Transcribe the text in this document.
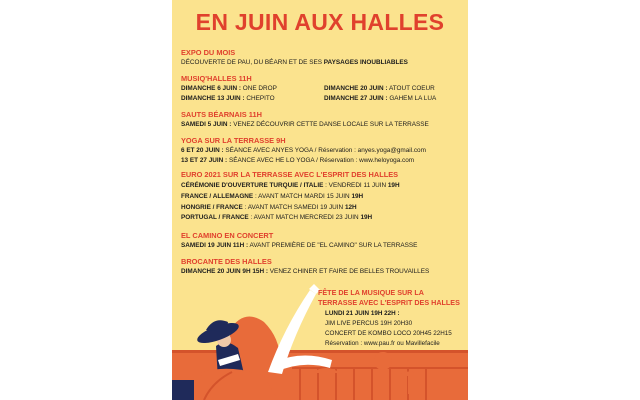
EN JUIN AUX HALLES
EXPO DU MOIS
DÉCOUVERTE DE PAU, DU BÉARN ET DE SES PAYSAGES INOUBLIABLES
MUSIQ'HALLES 11H
DIMANCHE 6 JUIN : ONE DROP	DIMANCHE 20 JUIN : ATOUT COEUR
DIMANCHE 13 JUIN : CHEPITO	DIMANCHE 27 JUIN : GAHEM LA LUA
SAUTS BÉARNAIS 11H
SAMEDI 5 JUIN : VENEZ DÉCOUVRIR CETTE DANSE LOCALE SUR LA TERRASSE
YOGA SUR LA TERRASSE 9H
6 ET 20 JUIN : SÉANCE AVEC ANYES YOGA / Réservation : anyes.yoga@gmail.com
13 ET 27 JUIN : SÉANCE AVEC HE LO YOGA / Réservation : www.heloyoga.com
EURO 2021 SUR LA TERRASSE AVEC L'ESPRIT DES HALLES
CÉRÉMONIE D'OUVERTURE TURQUIE / ITALIE : VENDREDI 11 JUIN 19H
FRANCE / ALLEMAGNE : AVANT MATCH MARDI 15 JUIN 19H
HONGRIE / FRANCE : AVANT MATCH SAMEDI 19 JUIN 12H
PORTUGAL / FRANCE : AVANT MATCH MERCREDI 23 JUIN 19H
EL CAMINO EN CONCERT
SAMEDI 19 JUIN 11H : AVANT PREMIÈRE DE "EL CAMINO" SUR LA TERRASSE
BROCANTE DES HALLES
DIMANCHE 20 JUIN 9H 15H : VENEZ CHINER ET FAIRE DE BELLES TROUVAILLES
FÊTE DE LA MUSIQUE SUR LA
TERRASSE AVEC L'ESPRIT DES HALLES
LUNDI 21 JUIN 19H 22H :
JIM LIVE PERCUS 19H 20H30
CONCERT DE KOMBO LOCO 20H45 22H15
Réservation : www.pau.fr ou Mavillefacile
